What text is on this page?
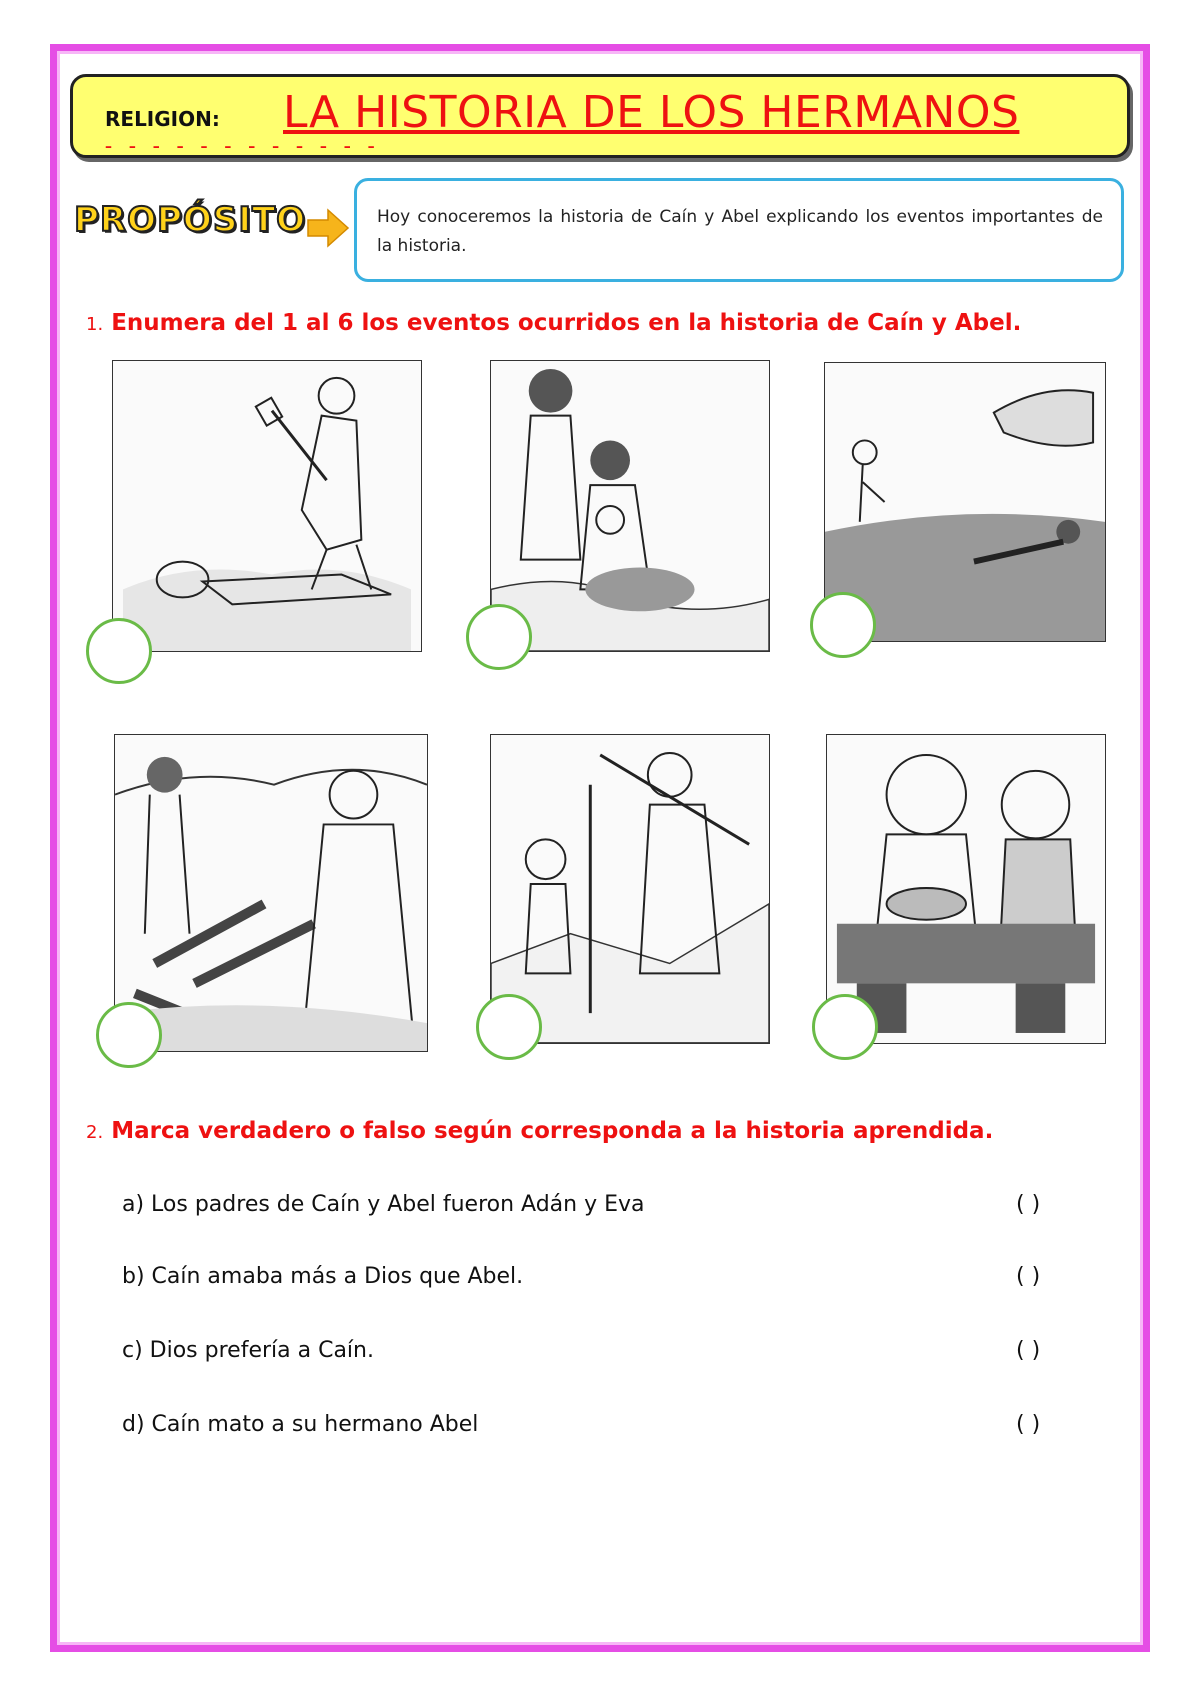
RELIGION: LA HISTORIA DE LOS HERMANOS
– – – – – – – – – – – –
PROPÓSITO	Hoy conoceremos la historia de Caín y Abel explicando los eventos importantes de la historia.
1. Enumera del 1 al 6 los eventos ocurridos en la historia de Caín y Abel.
2. Marca verdadero o falso según corresponda a la historia aprendida.
a) Los padres de Caín y Abel fueron Adán y Eva	( )
b) Caín amaba más a Dios que Abel.	( )
c) Dios prefería a Caín.	( )
d) Caín mato a su hermano Abel	( )
